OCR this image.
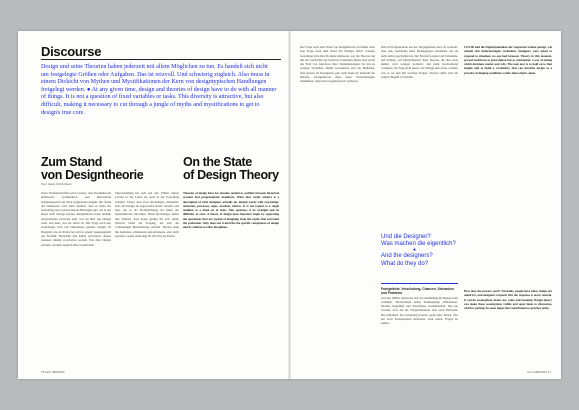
Discourse
Design und seine Theorien haben jederzeit mit allem Möglichen zu tun. Es handelt sich nicht um festgelegte Größen oder Aufgaben. Das ist reizvoll. Und schwierig zugleich. Also muss in einem Dickicht von Mythen und Mystifikationen der Kern von designtypischen Handlungen freigelegt werden. ● At any given time, design and theories of design have to do with all manner of things. It is not a question of fixed variables or tasks. This diversity is attractive, but also difficult, making it necessary to cut through a jungle of myths and mystifications to get to design's true core.
Zum Stand
von Designtheorie
On the State
of Design Theory
Text: Hans Ulrich Reck
Unter Fachzeitschriften wird erwartet, dass Designtheorie umfassend, systematisch und hinreichend beziehungsreich auf ihren Gegenstand eingeht. Der Stand der Diskussion wird darin deutlich, dass es Ziele der Gestaltung und vorherrschende Haltungen gibt, die in der Regel nicht befragt werden. Designtheorie muss deshalb unterscheiden zwischen dem, was sie über das Design weiß, und dem, was sie selbst ist. Die Frage nach den Grundlagen wird seit Jahrzehnten gestellt. Design als Disziplin wie als Praxis hat sich in einem Spannungsfeld aus Technik, Wirtschaft und Kultur entwickelt, dessen Grenzen ständig verschoben werden. Wer über Design schreibt, schreibt zugleich über Gesellschaft.
Theoriebildung hat sich seit den 1960er Jahren sowohl in der Lehre als auch in der Forschung etabliert. Dabei sind zwei Richtungen erkennbar: eine, die Design als angewandte Kunst versteht, und eine, die es als Problemlösung im Sinne der Systemtheorie betrachtet. Beide Richtungen haben ihre Stärken, doch keine genügt für sich allein. Entwurf bleibt ein Vorgang, der sich der vollständigen Beschreibung entzieht. Theorie kann ihn begleiten, reflektieren und kritisieren, aber nicht ersetzen. Genau darin liegt ihr Wert für die Praxis.
Theories of design have for decades tended to oscillate between historical account and programmatic manifesto. What they rarely achieve is a description of what designers actually do. Design works with everything: materials, processes, signs, markets, desires. It is not bound to a single medium or a fixed set of tasks. This openness is its strength and its difficulty at once. A theory of design must therefore begin by separating the operations that are typical of designing from the myths that surround the profession. Only then can it describe the specific competence of design and its relation to other disciplines.
76 form 289/2023
Die Frage nach dem Stand von Designtheorie ist immer auch eine Frage nach dem Stand des Designs selbst. Solange Gestaltung sich über Produkte definierte, war die Theorie eng mit der Geschichte der Industrie verbunden. Heute aber reicht das Feld von Interfaces über Dienstleistungen bis hin zu sozialen Systemen. Damit verschieben sich die Maßstäbe. Was gestern als Randgebiet galt, steht heute im Zentrum der Debatte. Designtheorie muss diese Verschiebungen aufnehmen, ohne ihren Gegenstand zu verlieren.
Durch Erfolgsmodelle aus der Vergangenheit wird oft verdeckt, dass jede Gestaltung unter Bedingungen stattfindet, die sie nicht selbst geschaffen hat. Der Entwurf reagiert auf Umstände, auf Zwänge, auf Möglichkeiten. Eine Theorie, die dies ernst nimmt, wird weniger normativ und mehr beschreibend verfahren. Sie fragt nicht zuerst, wie Design sein sollte, sondern was es tut und mit welchen Folgen. Daraus ergibt sich ein anderer Begriff von Kritik.
COVID und die Eigendynamiken der Gegenwart haben gezeigt, wie schnell sich Anforderungen verändern. Designers were asked to respond to situations no one had foreseen. Theory, in this moment, proved useful not as prescription but as orientation: a way of asking which decisions matter and why. The task now is to hold on to that insight and to build a vocabulary that can describe design as a practice of shaping conditions rather than objects alone.
Und die Designer?
Was machen die eigentlich?
●
And the designers?
What do they do?
Fachgebiete, Verschulung, Chancen, Schranken und Probleme
Seit den 1980er Jahren hat sich die Ausbildung im Design stark verändert. Hochschulen haben Studiengänge differenziert, Module eingeführt und Abschlüsse vereinheitlicht. Das hat Vorteile, etwa bei der Vergleichbarkeit, aber auch Nachteile: Die Offenheit, die Gestaltung braucht, gerät unter Druck. Wer nur noch Kompetenzen abarbeitet, lernt selten, Fragen zu stellen.
How does the process work? Normally, people have ideas, things are asked for, and designers respond. But the response is never neutral. It carries assumptions about use, value and meaning. Design theory can make these assumptions visible and open them to discussion, which is perhaps its most important contribution to practice today.
form 289/2023 77
